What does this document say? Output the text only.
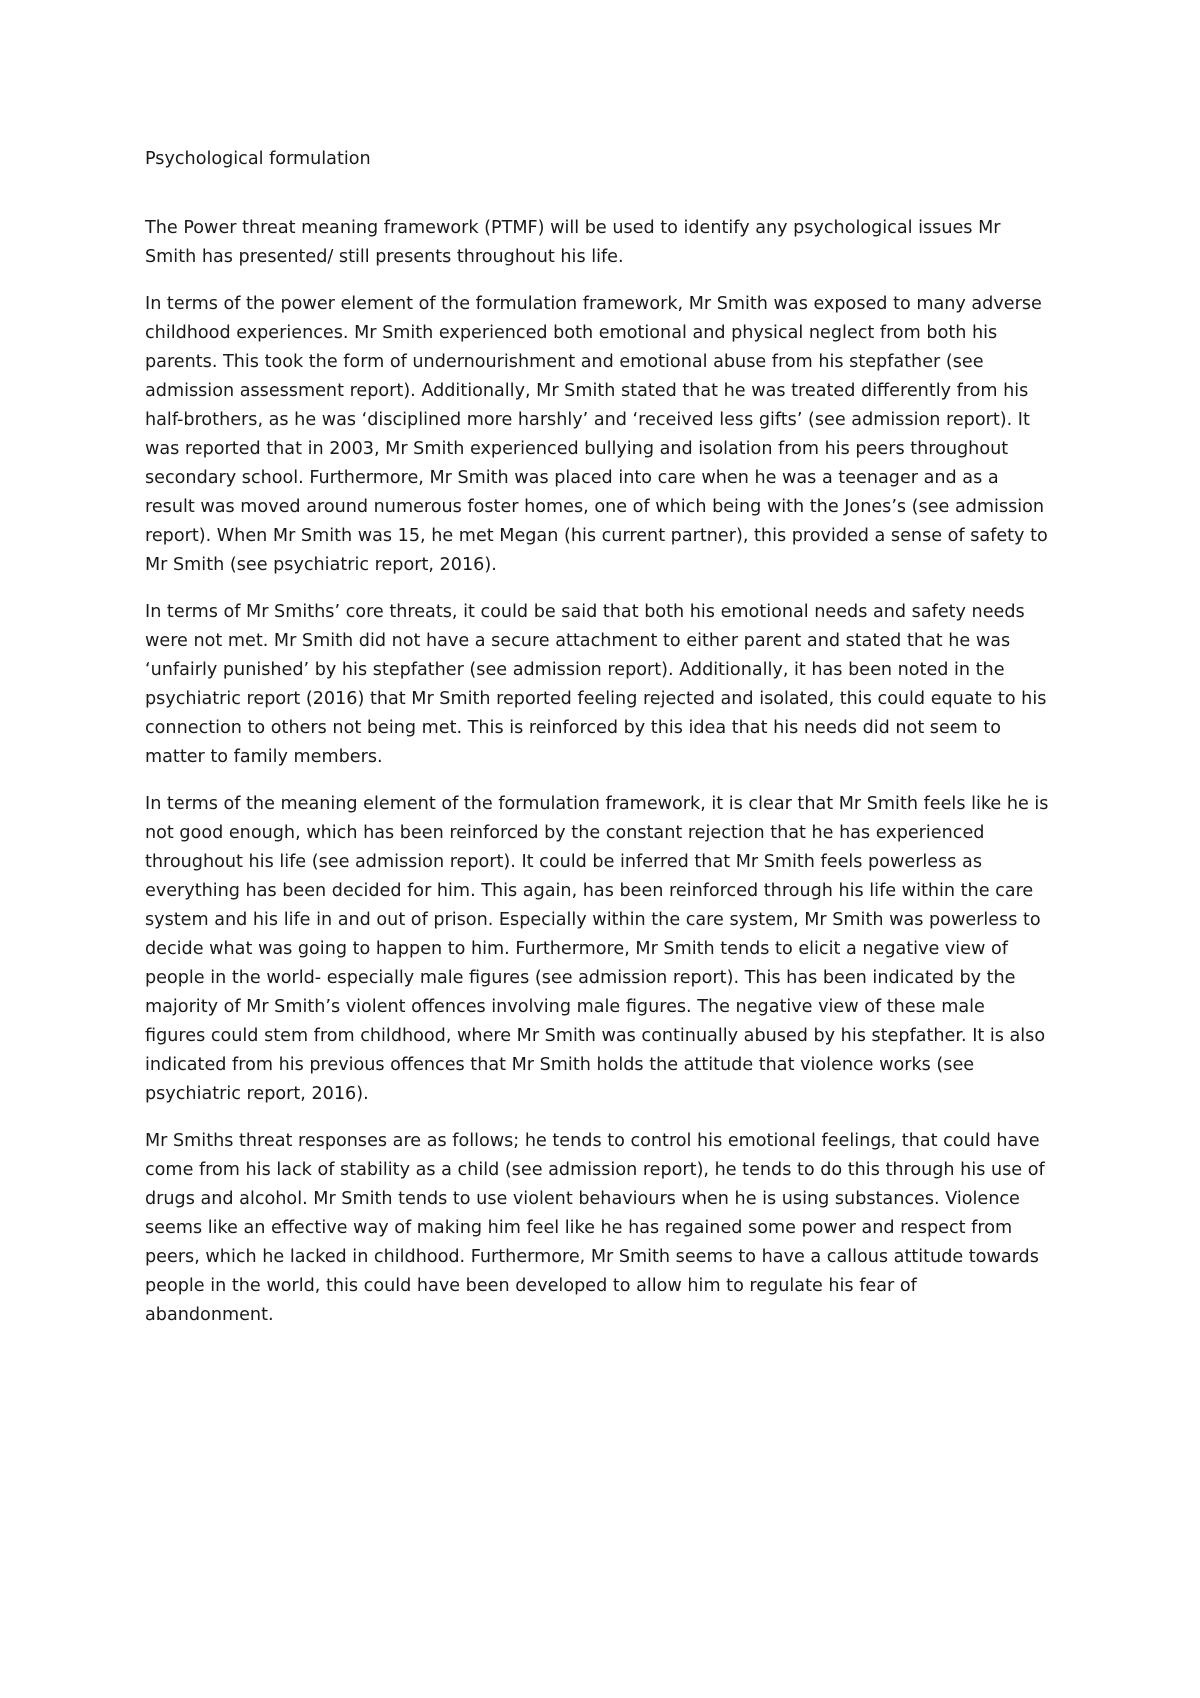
Psychological formulation

The Power threat meaning framework (PTMF) will be used to identify any psychological issues Mr Smith has presented/ still presents throughout his life.

In terms of the power element of the formulation framework, Mr Smith was exposed to many adverse childhood experiences. Mr Smith experienced both emotional and physical neglect from both his parents. This took the form of undernourishment and emotional abuse from his stepfather (see admission assessment report). Additionally, Mr Smith stated that he was treated differently from his half-brothers, as he was ‘disciplined more harshly’ and ‘received less gifts’ (see admission report). It was reported that in 2003, Mr Smith experienced bullying and isolation from his peers throughout secondary school. Furthermore, Mr Smith was placed into care when he was a teenager and as a result was moved around numerous foster homes, one of which being with the Jones’s (see admission report). When Mr Smith was 15, he met Megan (his current partner), this provided a sense of safety to Mr Smith (see psychiatric report, 2016).

In terms of Mr Smiths’ core threats, it could be said that both his emotional needs and safety needs were not met. Mr Smith did not have a secure attachment to either parent and stated that he was ‘unfairly punished’ by his stepfather (see admission report). Additionally, it has been noted in the psychiatric report (2016) that Mr Smith reported feeling rejected and isolated, this could equate to his connection to others not being met. This is reinforced by this idea that his needs did not seem to matter to family members.

In terms of the meaning element of the formulation framework, it is clear that Mr Smith feels like he is not good enough, which has been reinforced by the constant rejection that he has experienced throughout his life (see admission report). It could be inferred that Mr Smith feels powerless as everything has been decided for him. This again, has been reinforced through his life within the care system and his life in and out of prison. Especially within the care system, Mr Smith was powerless to decide what was going to happen to him. Furthermore, Mr Smith tends to elicit a negative view of people in the world- especially male figures (see admission report). This has been indicated by the majority of Mr Smith’s violent offences involving male figures. The negative view of these male figures could stem from childhood, where Mr Smith was continually abused by his stepfather. It is also indicated from his previous offences that Mr Smith holds the attitude that violence works (see psychiatric report, 2016).

Mr Smiths threat responses are as follows; he tends to control his emotional feelings, that could have come from his lack of stability as a child (see admission report), he tends to do this through his use of drugs and alcohol. Mr Smith tends to use violent behaviours when he is using substances. Violence seems like an effective way of making him feel like he has regained some power and respect from peers, which he lacked in childhood. Furthermore, Mr Smith seems to have a callous attitude towards people in the world, this could have been developed to allow him to regulate his fear of abandonment.
